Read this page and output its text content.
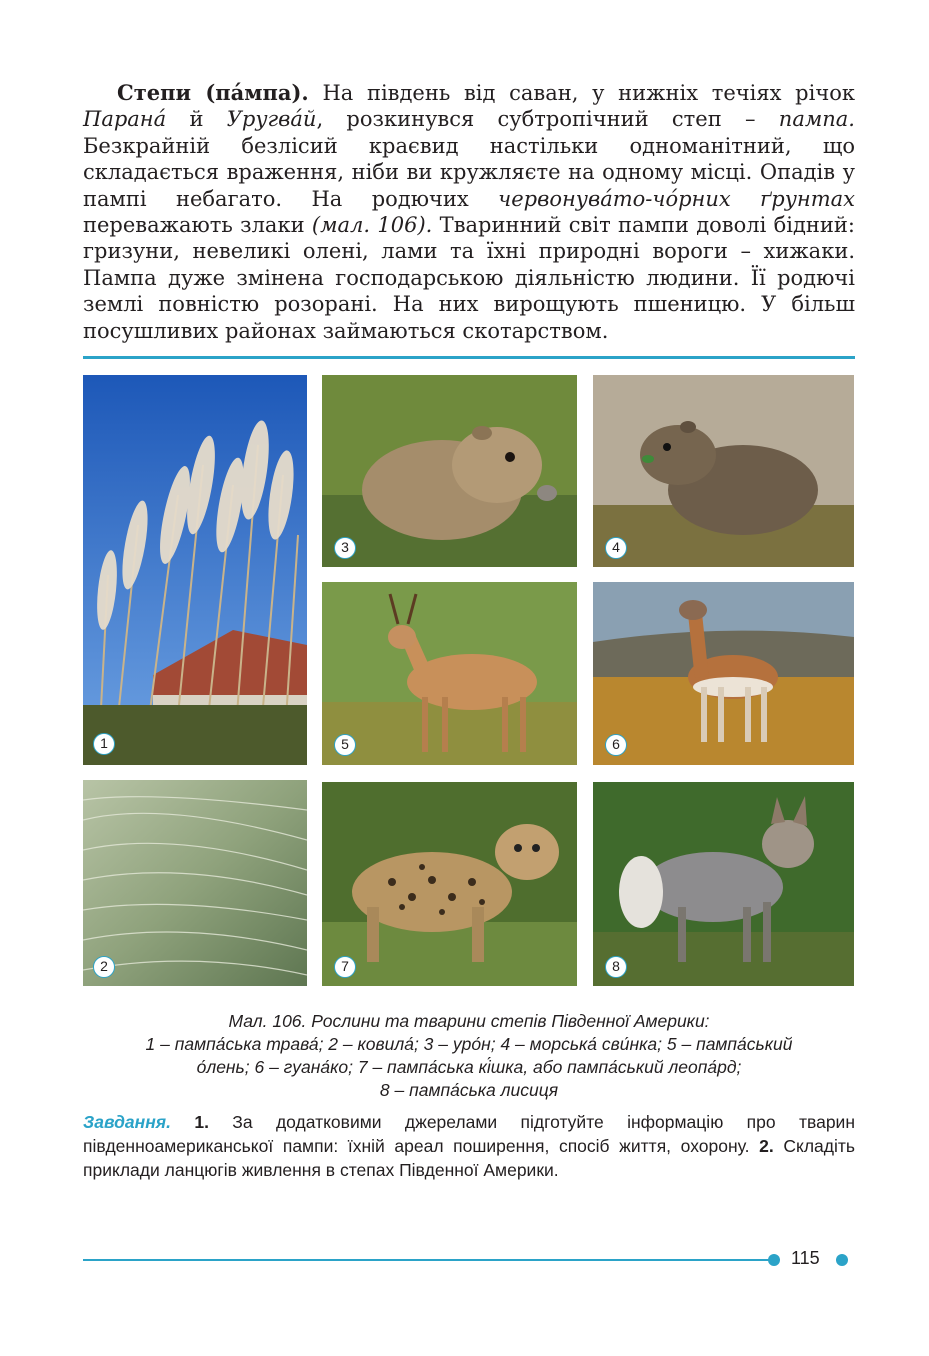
Степи (па́мпа). На південь від саван, у нижніх течіях річок Парана́ й Уругва́й, розкинувся субтропічний степ – пампа. Безкрайній безлісий краєвид настільки одноманітний, що складається враження, ніби ви кружляєте на одному місці. Опадів у пампі небагато. На родючих червонува́то-чо́рних ґрунтах переважають злаки (мал. 106). Тваринний світ пампи доволі бідний: гризуни, невеликі олені, лами та їхні природні вороги – хижаки. Пампа дуже змінена господарською діяльністю людини. Її родючі землі повністю розорані. На них вирощують пшеницю. У більш посушливих районах займаються скотарством.

1
2
3	4
5	6
7	8
Мал. 106. Рослини та тварини степів Південної Америки:
1 – пампа́ська трава́; 2 – ковила́; 3 – уро́н; 4 – морська́ сви́нка; 5 – пампа́ський
о́лень; 6 – гуана́ко; 7 – пампа́ська кі́шка, або пампа́ський леопа́рд;
8 – пампа́ська лисиця

Завдання. 1. За додатковими джерелами підготуйте інформацію про тварин південноамериканської пампи: їхній ареал поширення, спосіб життя, охорону. 2. Складіть приклади ланцюгів живлення в степах Південної Америки.

115
